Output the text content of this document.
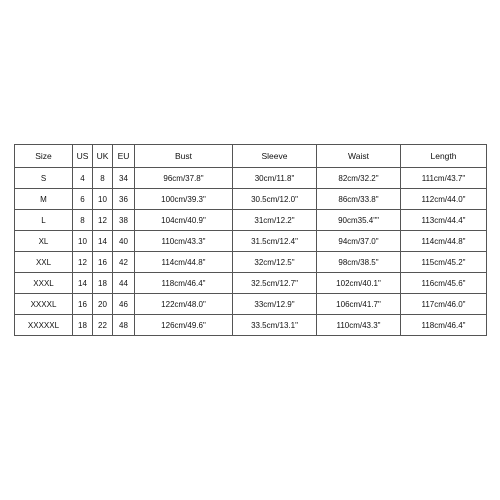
Size	US	UK	EU	Bust	Sleeve	Waist	Length
S	4	8	34	96cm/37.8"	30cm/11.8"	82cm/32.2"	111cm/43.7"
M	6	10	36	100cm/39.3"	30.5cm/12.0"	86cm/33.8"	112cm/44.0"
L	8	12	38	104cm/40.9"	31cm/12.2"	90cm35.4""	113cm/44.4"
XL	10	14	40	110cm/43.3"	31.5cm/12.4"	94cm/37.0"	114cm/44.8"
XXL	12	16	42	114cm/44.8"	32cm/12.5"	98cm/38.5"	115cm/45.2"
XXXL	14	18	44	118cm/46.4"	32.5cm/12.7"	102cm/40.1"	116cm/45.6"
XXXXL	16	20	46	122cm/48.0"	33cm/12.9"	106cm/41.7"	117cm/46.0"
XXXXXL	18	22	48	126cm/49.6"	33.5cm/13.1"	110cm/43.3"	118cm/46.4"
